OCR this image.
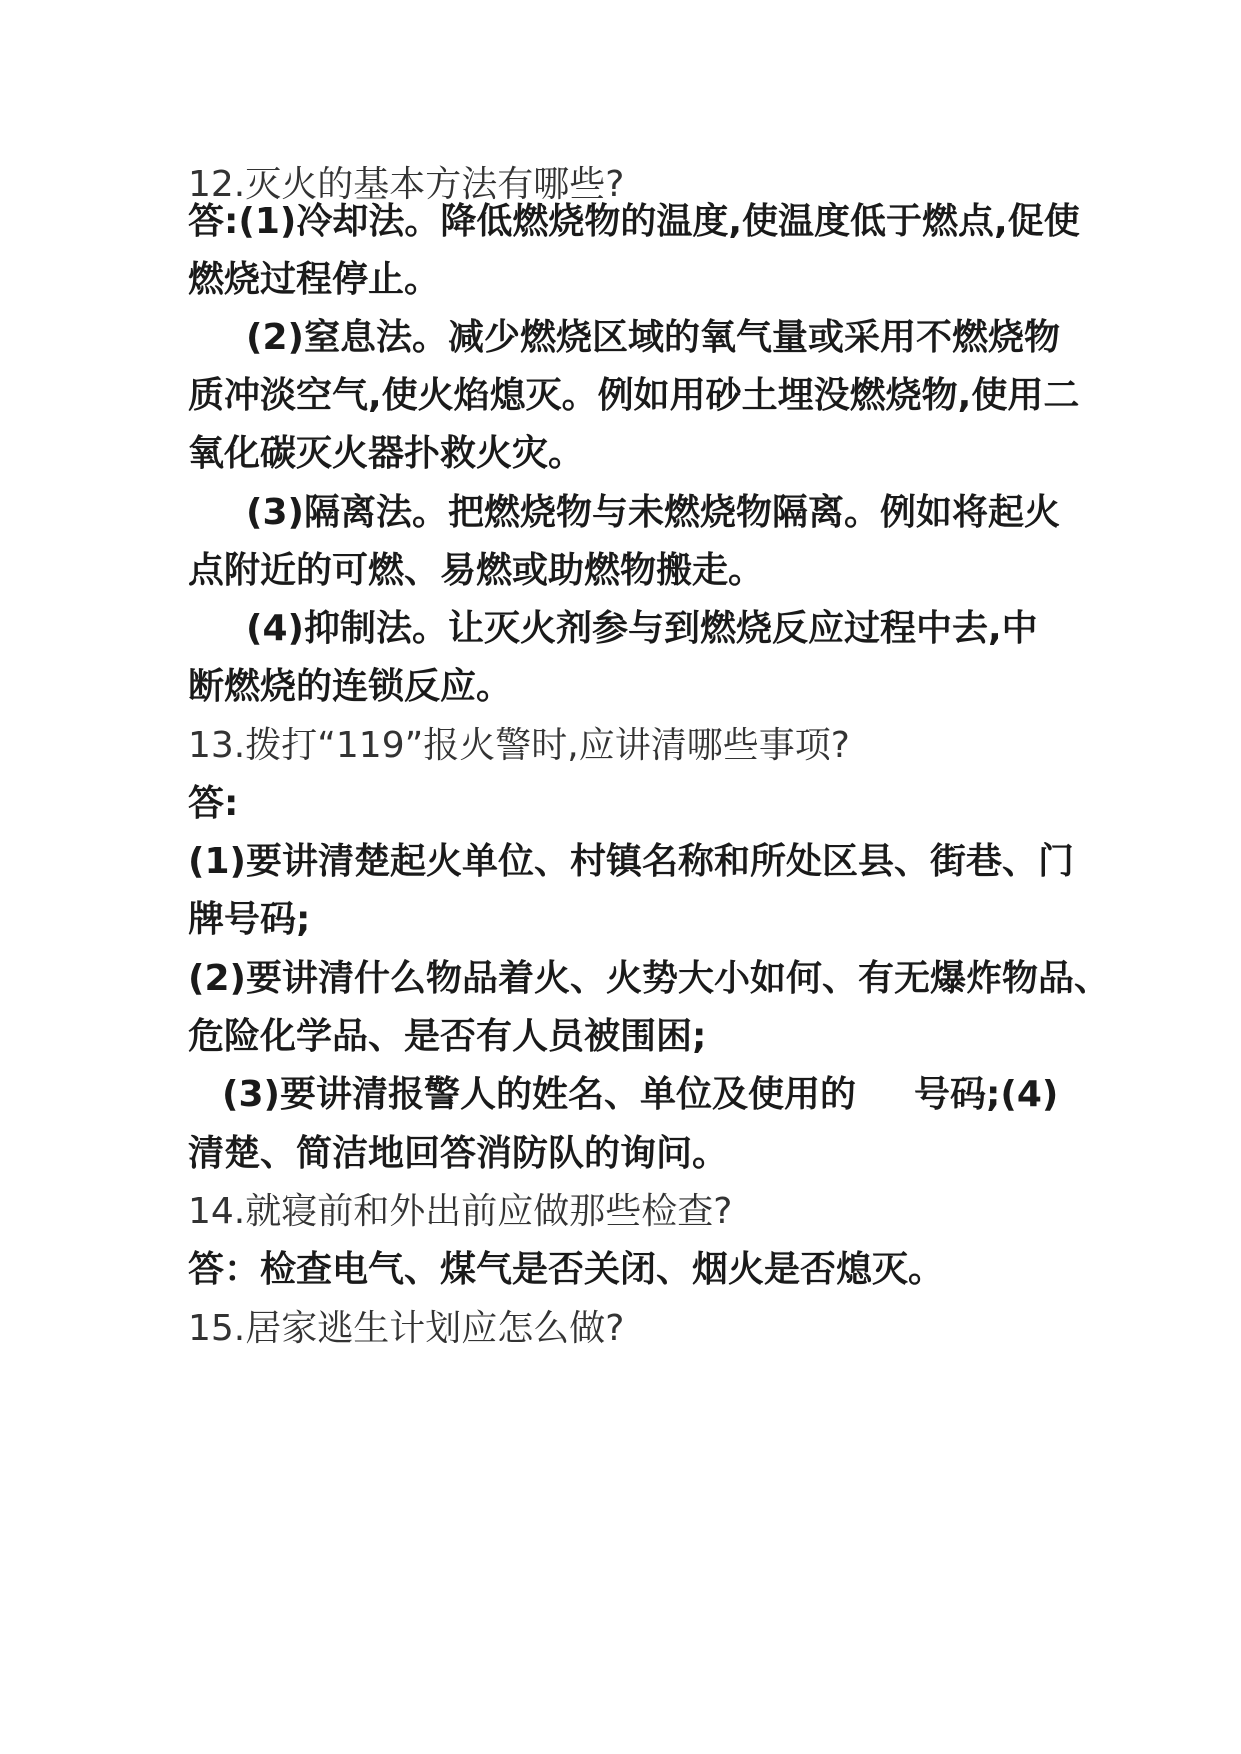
12.灭火的基本方法有哪些?
答:(1)冷却法。降低燃烧物的温度,使温度低于燃点,促使
燃烧过程停止。
(2)窒息法。减少燃烧区域的氧气量或采用不燃烧物
质冲淡空气,使火焰熄灭。例如用砂土埋没燃烧物,使用二
氧化碳灭火器扑救火灾。
(3)隔离法。把燃烧物与未燃烧物隔离。例如将起火
点附近的可燃、易燃或助燃物搬走。
(4)抑制法。让灭火剂参与到燃烧反应过程中去,中
断燃烧的连锁反应。
13.拨打“119”报火警时,应讲清哪些事项?
答:
(1)要讲清楚起火单位、村镇名称和所处区县、街巷、门
牌号码;
(2)要讲清什么物品着火、火势大小如何、有无爆炸物品、
危险化学品、是否有人员被围困;
(3)要讲清报警人的姓名、单位及使用的 号码;(4)
清楚、简洁地回答消防队的询问。
14.就寝前和外出前应做那些检查?
答：检查电气、煤气是否关闭、烟火是否熄灭。
15.居家逃生计划应怎么做?
